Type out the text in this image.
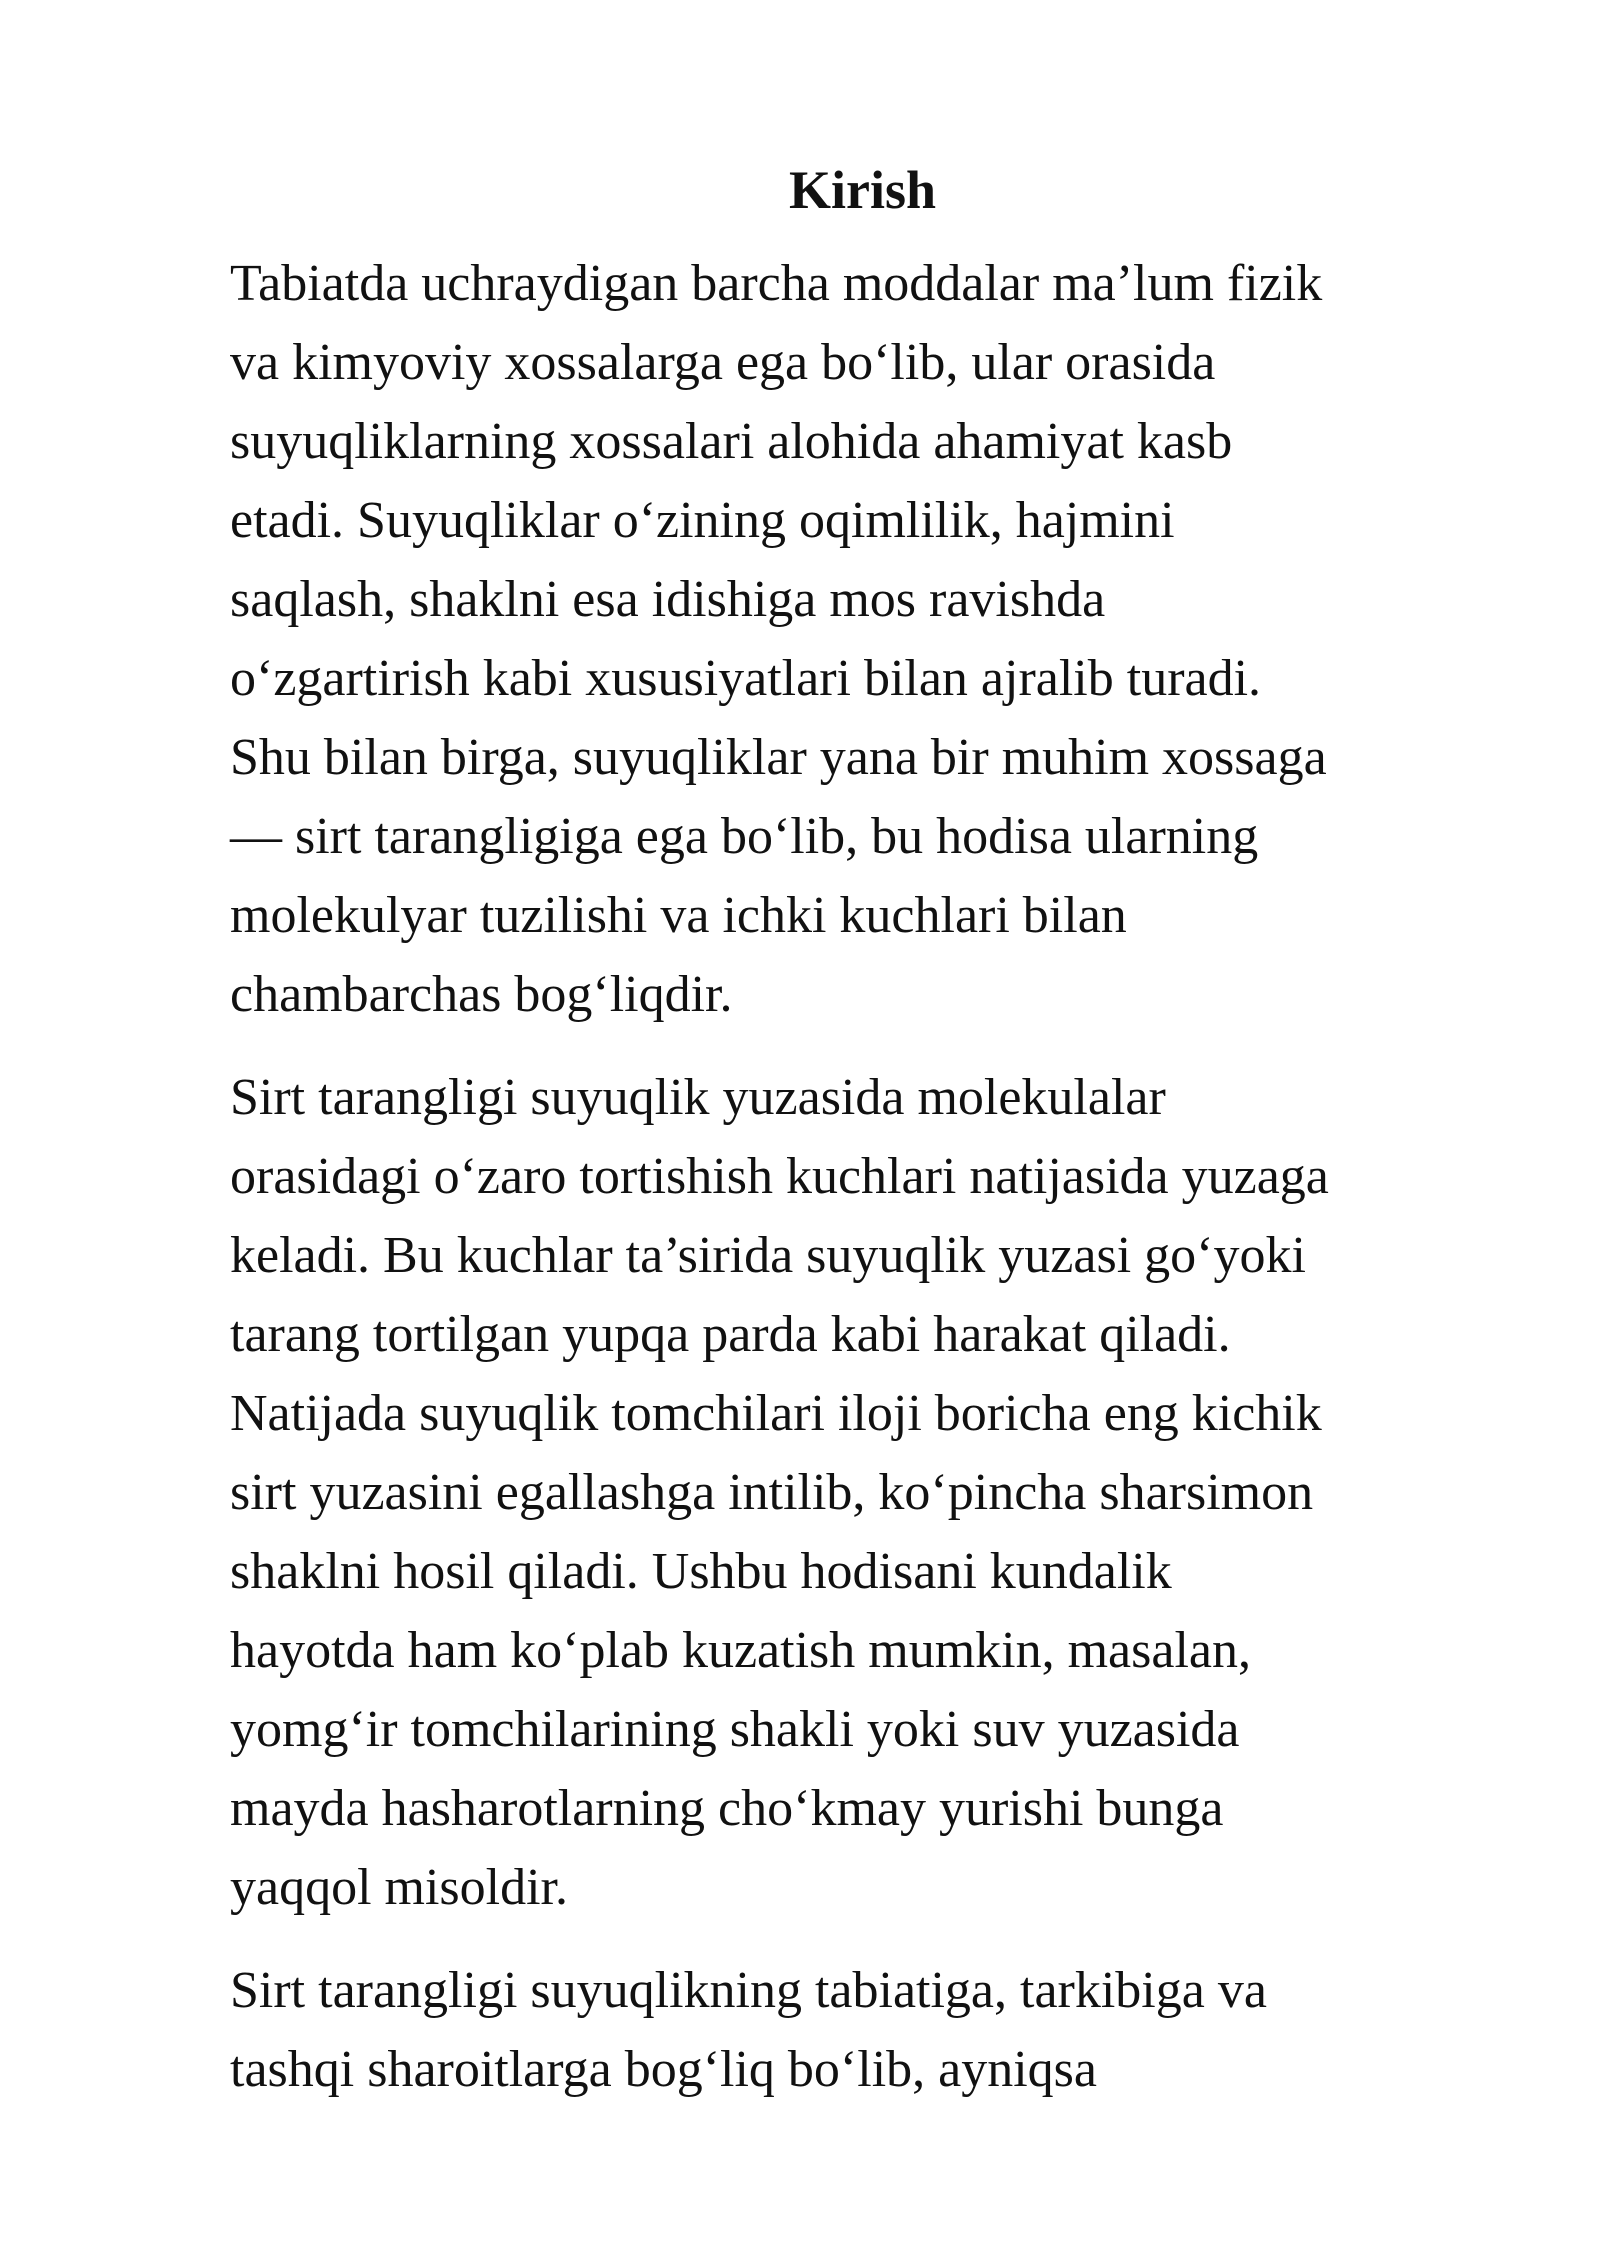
Kirish

Tabiatda uchraydigan barcha moddalar ma’lum fizik
va kimyoviy xossalarga ega bo‘lib, ular orasida
suyuqliklarning xossalari alohida ahamiyat kasb
etadi. Suyuqliklar o‘zining oqimlilik, hajmini
saqlash, shaklni esa idishiga mos ravishda
o‘zgartirish kabi xususiyatlari bilan ajralib turadi.
Shu bilan birga, suyuqliklar yana bir muhim xossaga
— sirt tarangligiga ega bo‘lib, bu hodisa ularning
molekulyar tuzilishi va ichki kuchlari bilan
chambarchas bog‘liqdir.

Sirt tarangligi suyuqlik yuzasida molekulalar
orasidagi o‘zaro tortishish kuchlari natijasida yuzaga
keladi. Bu kuchlar ta’sirida suyuqlik yuzasi go‘yoki
tarang tortilgan yupqa parda kabi harakat qiladi.
Natijada suyuqlik tomchilari iloji boricha eng kichik
sirt yuzasini egallashga intilib, ko‘pincha sharsimon
shaklni hosil qiladi. Ushbu hodisani kundalik
hayotda ham ko‘plab kuzatish mumkin, masalan,
yomg‘ir tomchilarining shakli yoki suv yuzasida
mayda hasharotlarning cho‘kmay yurishi bunga
yaqqol misoldir.

Sirt tarangligi suyuqlikning tabiatiga, tarkibiga va
tashqi sharoitlarga bog‘liq bo‘lib, ayniqsa
